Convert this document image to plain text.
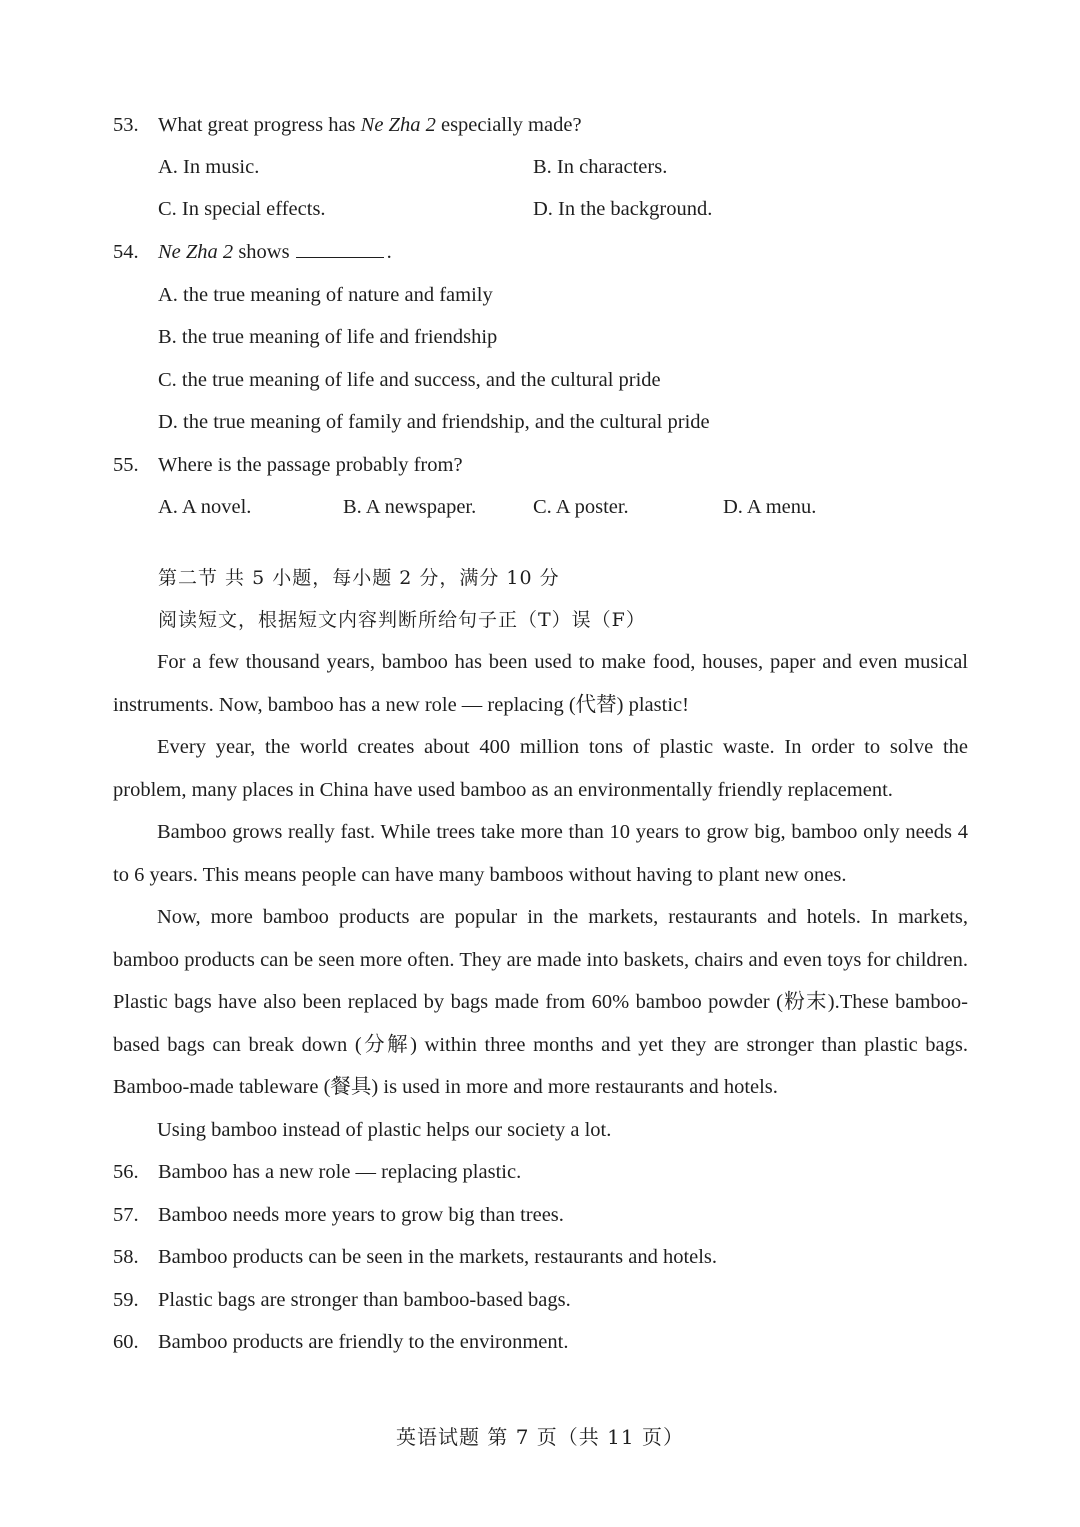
53. What great progress has Ne Zha 2 especially made?
A. In music.	B. In characters.
C. In special effects.	D. In the background.
54. Ne Zha 2 shows	.
A. the true meaning of nature and family
B. the true meaning of life and friendship
C. the true meaning of life and success, and the cultural pride
D. the true meaning of family and friendship, and the cultural pride
55. Where is the passage probably from?
A. A novel.	B. A newspaper.	C. A poster.	D. A menu.
第二节 共 5 小题，每小题 2 分，满分 10 分
阅读短文，根据短文内容判断所给句子正（T）误（F）

For a few thousand years, bamboo has been used to make food, houses, paper and even musical instruments. Now, bamboo has a new role — replacing (代替) plastic!

Every year, the world creates about 400 million tons of plastic waste. In order to solve the problem, many places in China have used bamboo as an environmentally friendly replacement.

Bamboo grows really fast. While trees take more than 10 years to grow big, bamboo only needs 4 to 6 years. This means people can have many bamboos without having to plant new ones.

Now, more bamboo products are popular in the markets, restaurants and hotels. In markets, bamboo products can be seen more often. They are made into baskets, chairs and even toys for children. Plastic bags have also been replaced by bags made from 60% bamboo powder (粉末).These bamboo-based bags can break down (分解) within three months and yet they are stronger than plastic bags. Bamboo-made tableware (餐具) is used in more and more restaurants and hotels.

Using bamboo instead of plastic helps our society a lot.

56. Bamboo has a new role — replacing plastic.
57. Bamboo needs more years to grow big than trees.
58. Bamboo products can be seen in the markets, restaurants and hotels.
59. Plastic bags are stronger than bamboo-based bags.
60. Bamboo products are friendly to the environment.
英语试题 第 7 页（共 11 页）
